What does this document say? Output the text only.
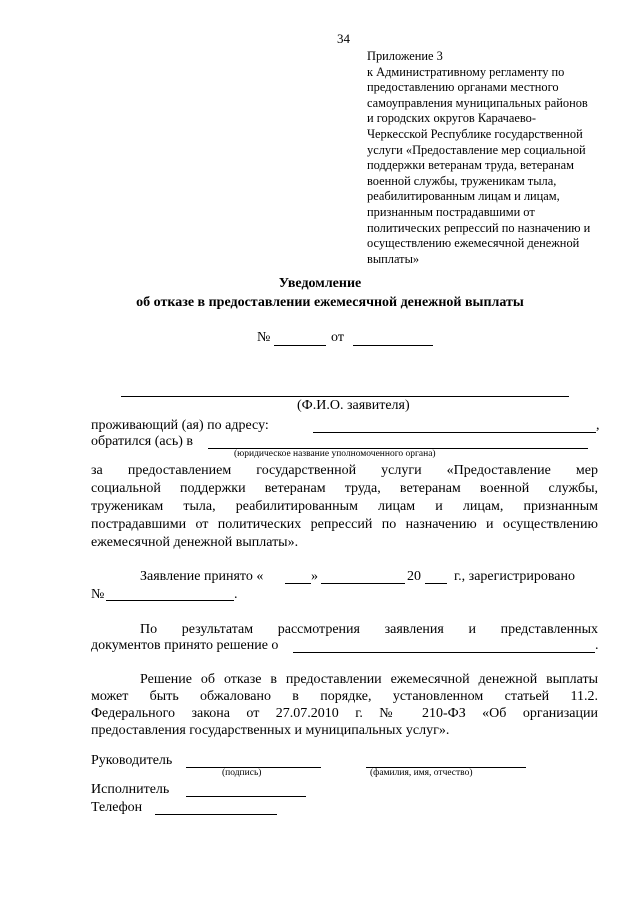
34
Приложение 3
к Административному регламенту по
предоставлению органами местного
самоуправления муниципальных районов
и городских округов Карачаево-
Черкесской Республике государственной
услуги «Предоставление мер социальной
поддержки ветеранам труда, ветеранам
военной службы, труженикам тыла,
реабилитированным лицам и лицам,
признанным пострадавшими от
политических репрессий по назначению и
осуществлению ежемесячной денежной
выплаты»
Уведомление
об отказе в предоставлении ежемесячной денежной выплаты
№	от
(Ф.И.О. заявителя)
проживающий (ая) по адресу:	,
обратился (ась) в
(юридическое название уполномоченного органа)
за предоставлением государственной услуги «Предоставление мер
социальной поддержки ветеранам труда, ветеранам военной службы,
труженикам тыла, реабилитированным лицам и лицам, признанным
пострадавшими от политических репрессий по назначению и осуществлению
ежемесячной денежной выплаты».
Заявление принято «	»	20 г., зарегистрировано
№	.
По результатам рассмотрения заявления и представленных
документов принято решение о	.
Решение об отказе в предоставлении ежемесячной денежной выплаты
может быть обжаловано в порядке, установленном статьей 11.2.
Федерального закона от 27.07.2010 г. № 210-ФЗ «Об организации
предоставления государственных и муниципальных услуг».
Руководитель
(подпись)	(фамилия, имя, отчество)
Исполнитель
Телефон
